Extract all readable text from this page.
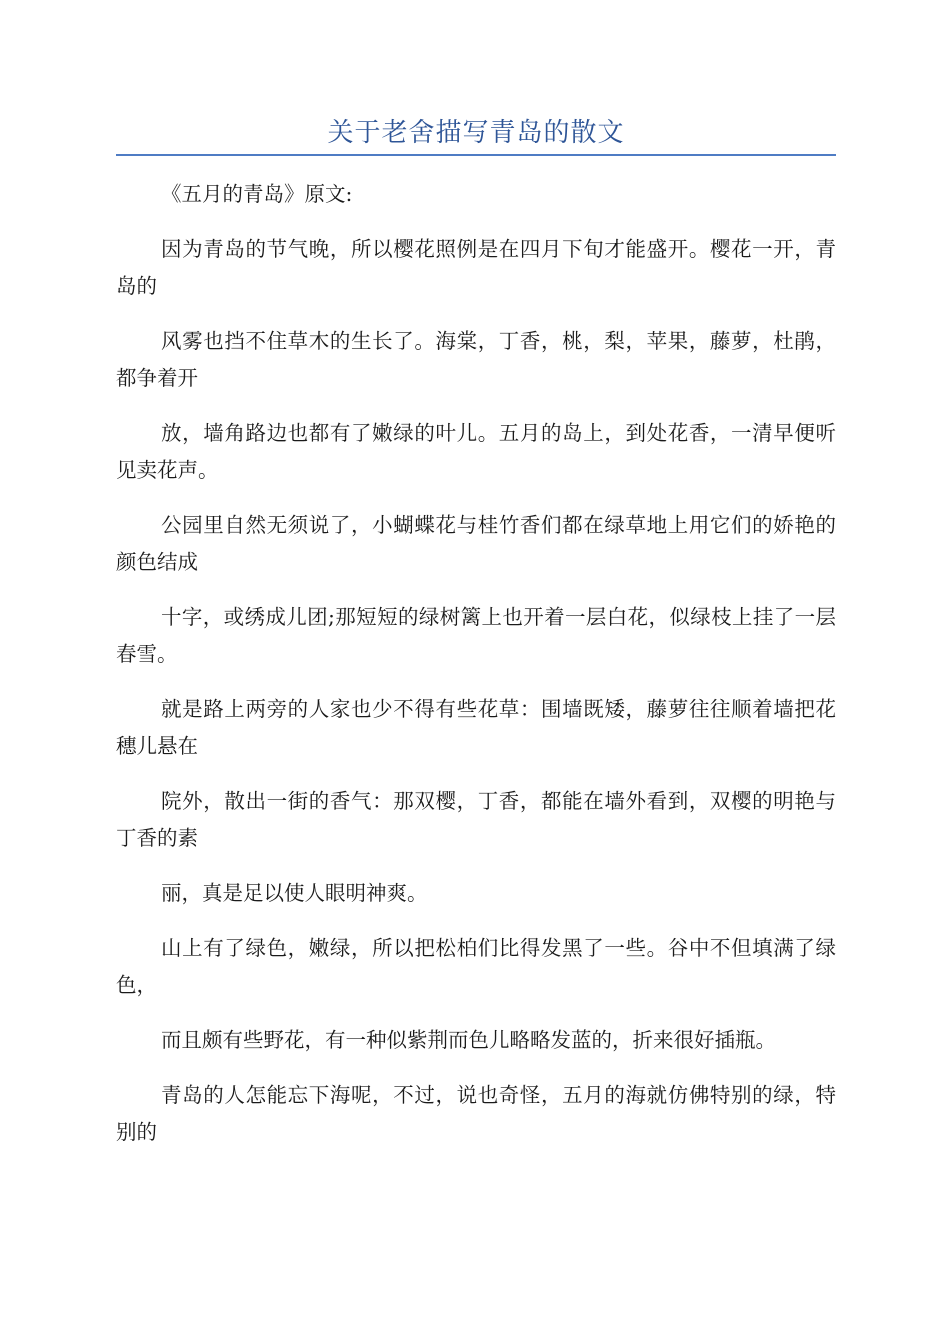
关于老舍描写青岛的散文

《五月的青岛》原文:

因为青岛的节气晚，所以樱花照例是在四月下旬才能盛开。樱花一开，青岛的

风雾也挡不住草木的生长了。海棠，丁香，桃，梨，苹果，藤萝，杜鹃，都争着开

放，墙角路边也都有了嫩绿的叶儿。五月的岛上，到处花香，一清早便听见卖花声。

公园里自然无须说了，小蝴蝶花与桂竹香们都在绿草地上用它们的娇艳的颜色结成

十字，或绣成儿团;那短短的绿树篱上也开着一层白花，似绿枝上挂了一层春雪。

就是路上两旁的人家也少不得有些花草：围墙既矮，藤萝往往顺着墙把花穗儿悬在

院外，散出一街的香气：那双樱，丁香，都能在墙外看到，双樱的明艳与丁香的素

丽，真是足以使人眼明神爽。

山上有了绿色，嫩绿，所以把松柏们比得发黑了一些。谷中不但填满了绿色，

而且颇有些野花，有一种似紫荆而色儿略略发蓝的，折来很好插瓶。

青岛的人怎能忘下海呢，不过，说也奇怪，五月的海就仿佛特别的绿，特别的
